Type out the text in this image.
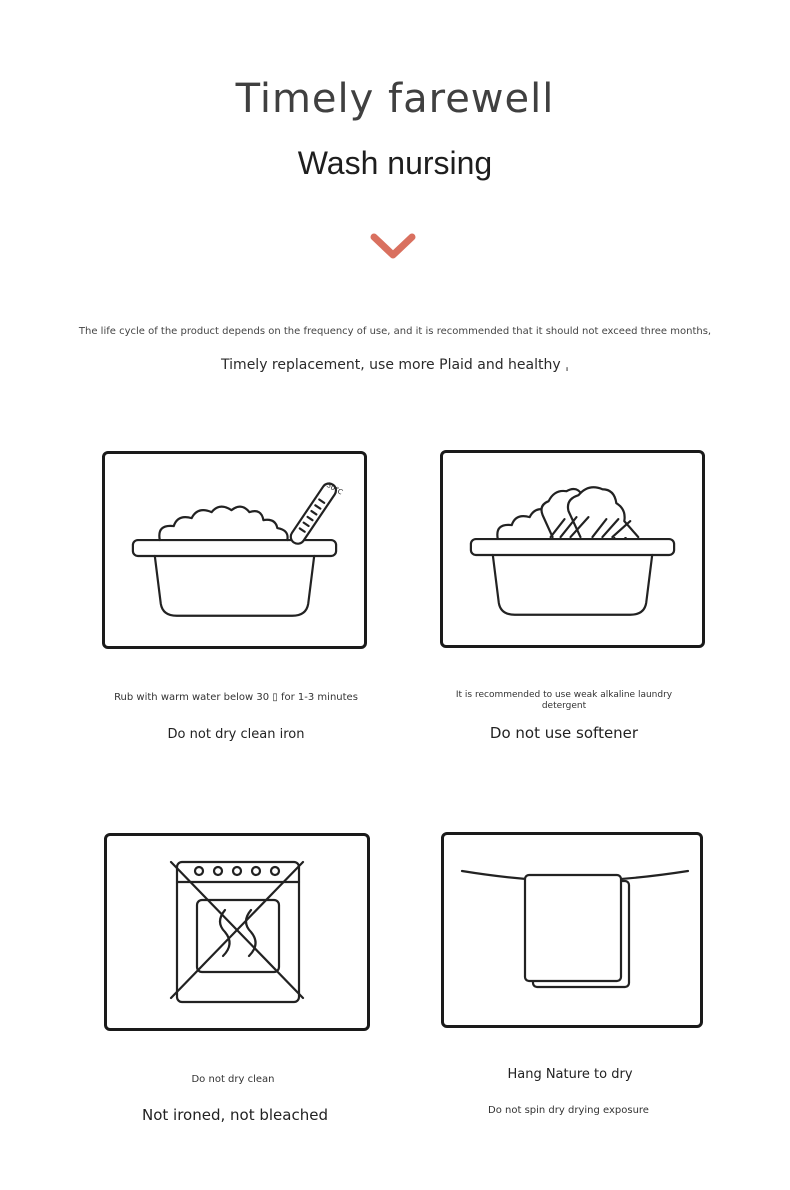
Timely farewell
Wash nursing
The life cycle of the product depends on the frequency of use, and it is recommended that it should not exceed three months,
Timely replacement, use more Plaid and healthy ˌ
30°C
Rub with warm water below 30 ▯ for 1-3 minutes
Do not dry clean iron
It is recommended to use weak alkaline laundry detergent
Do not use softener
Do not dry clean
Not ironed, not bleached
Hang Nature to dry
Do not spin dry drying exposure
